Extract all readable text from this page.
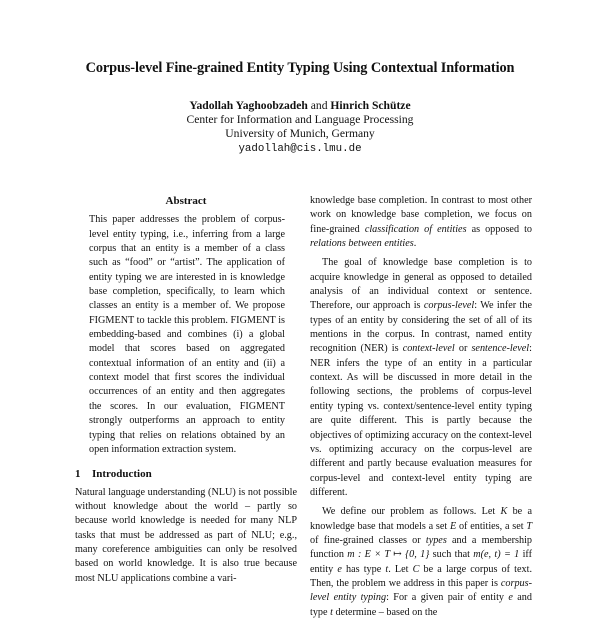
Corpus-level Fine-grained Entity Typing Using Contextual Information
Yadollah Yaghoobzadeh and Hinrich Schütze
Center for Information and Language Processing
University of Munich, Germany
yadollah@cis.lmu.de
Abstract
This paper addresses the problem of corpus-level entity typing, i.e., inferring from a large corpus that an entity is a member of a class such as “food” or “artist”. The application of entity typing we are interested in is knowledge base completion, specifically, to learn which classes an entity is a member of. We propose FIGMENT to tackle this problem. FIGMENT is embedding-based and combines (i) a global model that scores based on aggregated contextual information of an entity and (ii) a context model that first scores the individual occurrences of an entity and then aggregates the scores. In our evaluation, FIGMENT strongly outperforms an approach to entity typing that relies on relations obtained by an open information extraction system.
1 Introduction

Natural language understanding (NLU) is not possible without knowledge about the world – partly so because world knowledge is needed for many NLP tasks that must be addressed as part of NLU; e.g., many coreference ambiguities can only be resolved based on world knowledge. It is also true because most NLU applications combine a vari-

knowledge base completion. In contrast to most other work on knowledge base completion, we focus on fine-grained classification of entities as opposed to relations between entities.

The goal of knowledge base completion is to acquire knowledge in general as opposed to detailed analysis of an individual context or sentence. Therefore, our approach is corpus-level: We infer the types of an entity by considering the set of all of its mentions in the corpus. In contrast, named entity recognition (NER) is context-level or sentence-level: NER infers the type of an entity in a particular context. As will be discussed in more detail in the following sections, the problems of corpus-level entity typing vs. context/sentence-level entity typing are quite different. This is partly because the objectives of optimizing accuracy on the context-level vs. optimizing accuracy on the corpus-level are different and partly because evaluation measures for corpus-level and context-level entity typing are different.

We define our problem as follows. Let K be a knowledge base that models a set E of entities, a set T of fine-grained classes or types and a membership function m : E × T ↦ {0, 1} such that m(e, t) = 1 iff entity e has type t. Let C be a large corpus of text. Then, the problem we address in this paper is corpus-level entity typing: For a given pair of entity e and type t determine – based on the
